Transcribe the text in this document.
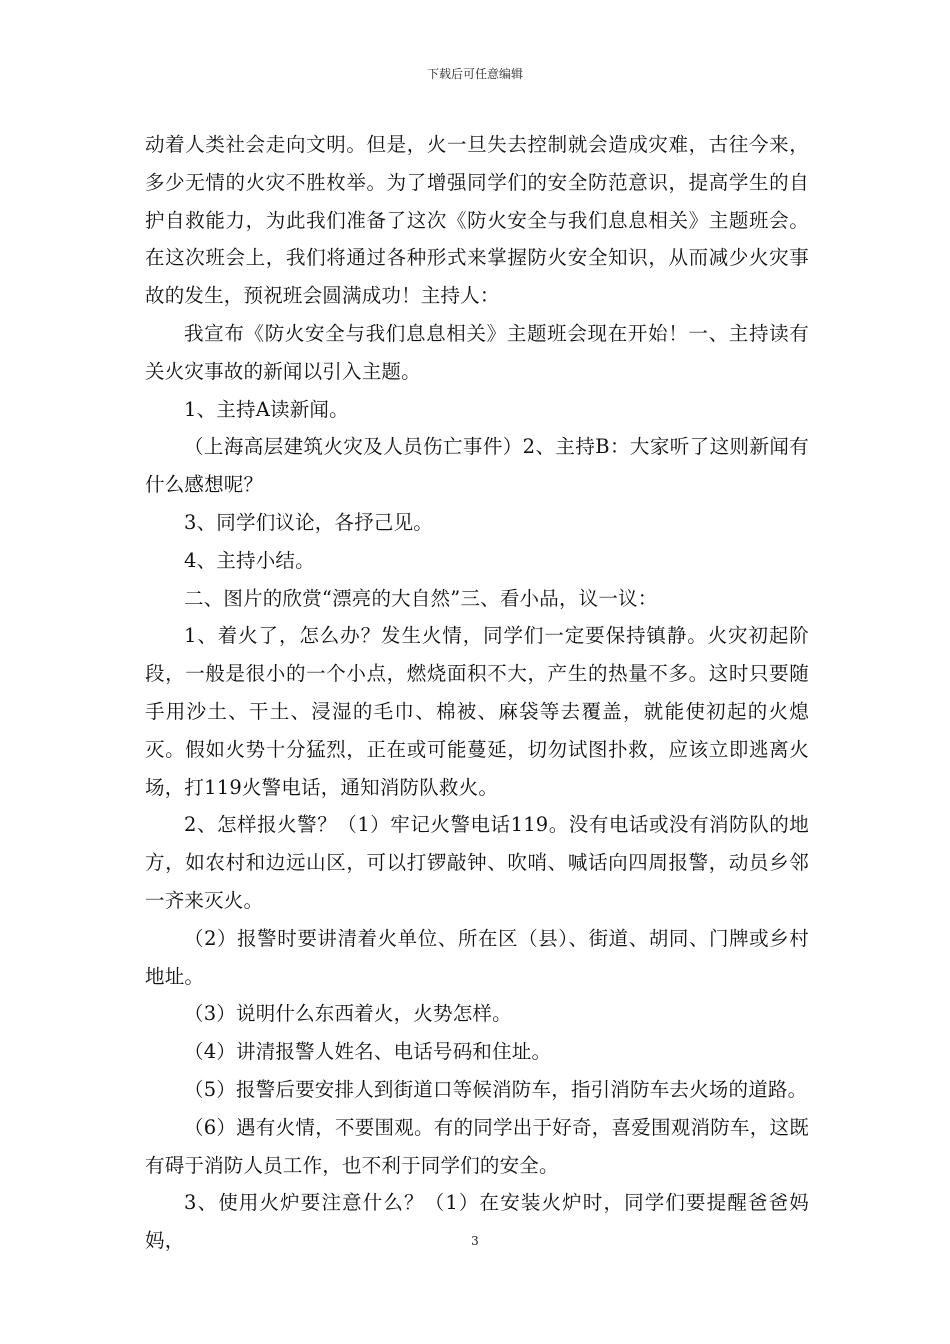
下载后可任意编辑

动着人类社会走向文明。但是，火一旦失去控制就会造成灾难，古往今来，多少无情的火灾不胜枚举。为了增强同学们的安全防范意识，提高学生的自护自救能力，为此我们准备了这次《防火安全与我们息息相关》主题班会。在这次班会上，我们将通过各种形式来掌握防火安全知识，从而减少火灾事故的发生，预祝班会圆满成功！主持人：

我宣布《防火安全与我们息息相关》主题班会现在开始！一、主持读有关火灾事故的新闻以引入主题。

1、主持A读新闻。

（上海高层建筑火灾及人员伤亡事件）2、主持B：大家听了这则新闻有什么感想呢？

3、同学们议论，各抒己见。

4、主持小结。

二、图片的欣赏“漂亮的大自然”三、看小品，议一议：

1、着火了，怎么办？发生火情，同学们一定要保持镇静。火灾初起阶段，一般是很小的一个小点，燃烧面积不大，产生的热量不多。这时只要随手用沙土、干土、浸湿的毛巾、棉被、麻袋等去覆盖，就能使初起的火熄灭。假如火势十分猛烈，正在或可能蔓延，切勿试图扑救，应该立即逃离火场，打119火警电话，通知消防队救火。

2、怎样报火警？（1）牢记火警电话119。没有电话或没有消防队的地方，如农村和边远山区，可以打锣敲钟、吹哨、喊话向四周报警，动员乡邻一齐来灭火。

（2）报警时要讲清着火单位、所在区（县）、街道、胡同、门牌或乡村地址。

（3）说明什么东西着火，火势怎样。

（4）讲清报警人姓名、电话号码和住址。

（5）报警后要安排人到街道口等候消防车，指引消防车去火场的道路。

（6）遇有火情，不要围观。有的同学出于好奇，喜爱围观消防车，这既有碍于消防人员工作，也不利于同学们的安全。

3、使用火炉要注意什么？（1）在安装火炉时，同学们要提醒爸爸妈妈，	3
